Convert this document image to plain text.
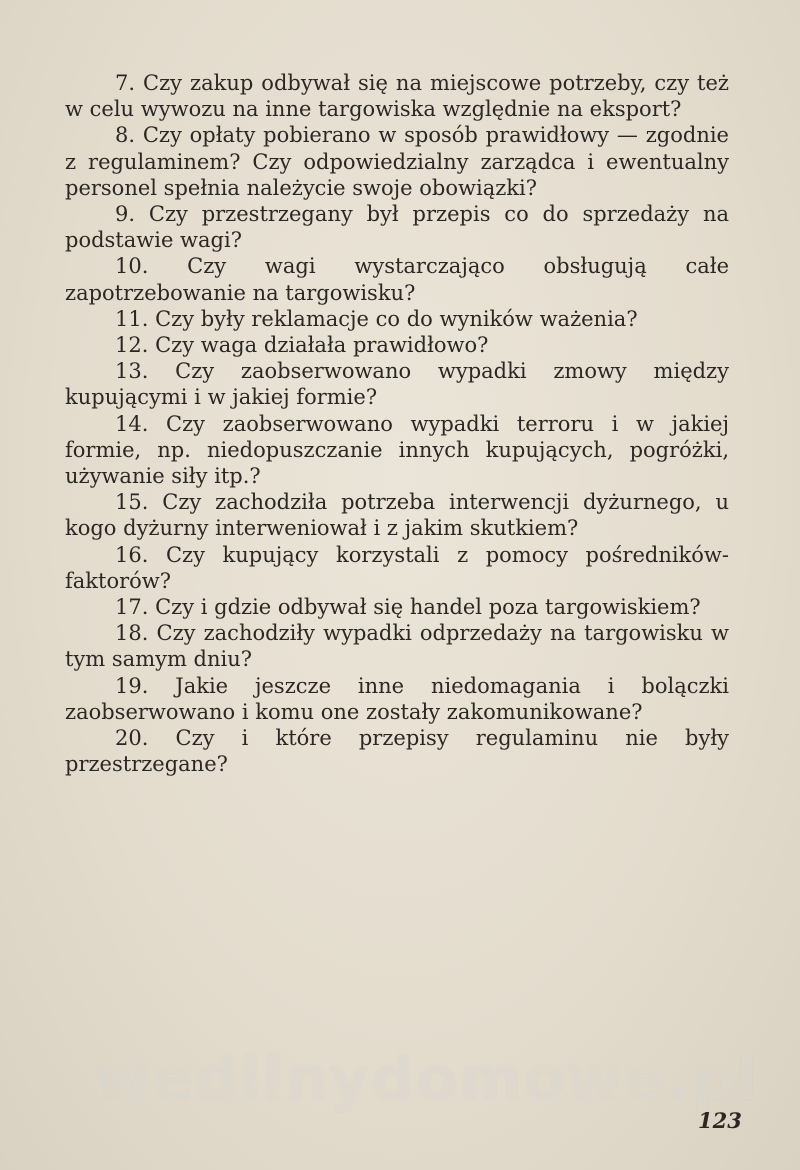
7. Czy zakup odbywał się na miejscowe potrzeby, czy też w celu wywozu na inne targowiska względnie na eksport?

8. Czy opłaty pobierano w sposób prawidłowy — zgodnie z regulaminem? Czy odpowiedzialny zarządca i ewentualny personel spełnia należycie swoje obowiązki?

9. Czy przestrzegany był przepis co do sprzedaży na podstawie wagi?

10. Czy wagi wystarczająco obsługują całe zapotrzebowanie na targowisku?

11. Czy były reklamacje co do wyników ważenia?

12. Czy waga działała prawidłowo?

13. Czy zaobserwowano wypadki zmowy między kupującymi i w jakiej formie?

14. Czy zaobserwowano wypadki terroru i w jakiej formie, np. niedopuszczanie innych kupujących, pogróżki, używanie siły itp.?

15. Czy zachodziła potrzeba interwencji dyżurnego, u kogo dyżurny interweniował i z jakim skutkiem?

16. Czy kupujący korzystali z pomocy pośredników-faktorów?

17. Czy i gdzie odbywał się handel poza targowiskiem?

18. Czy zachodziły wypadki odprzedaży na targowisku w tym samym dniu?

19. Jakie jeszcze inne niedomagania i bolączki zaobserwowano i komu one zostały zakomunikowane?

20. Czy i które przepisy regulaminu nie były przestrzegane?

wedlinydomowe.pl
123
